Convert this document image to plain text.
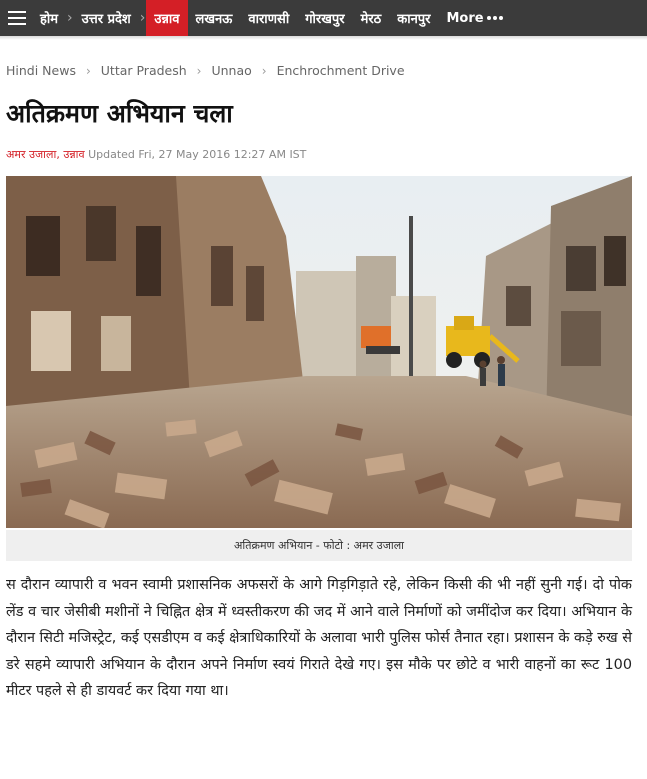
होम › उत्तर प्रदेश › उन्नाव	लखनऊ	वाराणसी	गोरखपुर	मेरठ	कानपुर	More
Hindi News › Uttar Pradesh › Unnao › Enchrochment Drive
अतिक्रमण अभियान चला
अमर उजाला, उन्नाव Updated Fri, 27 May 2016 12:27 AM IST
अतिक्रमण अभियान - फोटो : अमर उजाला

स दौरान व्यापारी व भवन स्वामी प्रशासनिक अफसरों के आगे गिड़गिड़ाते रहे, लेकिन किसी की भी नहीं सुनी गई। दो पोक लेंड व चार जेसीबी मशीनों ने चिह्नित क्षेत्र में ध्वस्तीकरण की जद में आने वाले निर्माणों को जमींदोज कर दिया। अभियान के दौरान सिटी मजिस्ट्रेट, कई एसडीएम व कई क्षेत्राधिकारियों के अलावा भारी पुलिस फोर्स तैनात रहा। प्रशासन के कड़े रुख से डरे सहमे व्यापारी अभियान के दौरान अपने निर्माण स्वयं गिराते देखे गए। इस मौके पर छोटे व भारी वाहनों का रूट 100 मीटर पहले से ही डायवर्ट कर दिया गया था।
